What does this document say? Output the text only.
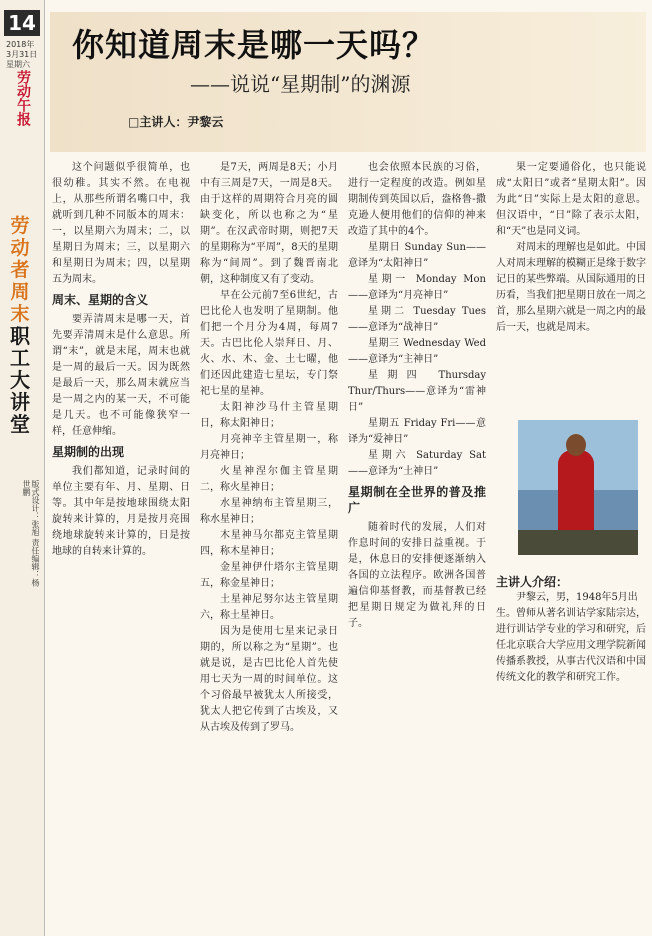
14
2018年
3月31日
星期六
劳动午报
劳
动
者
周
末
职
工
大
讲
堂
版式设计：张旭 责任编辑：杨世鹏
你知道周末是哪一天吗？
——说说“星期制”的渊源
□主讲人：尹黎云

这个问题似乎很简单，也很幼稚。其实不然。在电视上，从那些所谓名嘴口中，我就听到几种不同版本的周末：一，以星期六为周末；二，以星期日为周末；三，以星期六和星期日为周末；四，以星期五为周末。

周末、星期的含义

要弄清周末是哪一天，首先要弄清周末是什么意思。所谓“末”，就是末尾，周末也就是一周的最后一天。因为既然是最后一天，那么周末就应当是一周之内的某一天，不可能是几天。也不可能像狭窄一样，任意伸缩。

星期制的出现

我们都知道，记录时间的单位主要有年、月、星期、日等。其中年是按地球围绕太阳旋转来计算的，月是按月亮围绕地球旋转来计算的，日是按地球的自转来计算的。

是7天，两周是8天；小月中有三周是7天，一周是8天。由于这样的周期符合月亮的圆缺变化，所以也称之为“星期”。在汉武帝时期，则把7天的星期称为“平周”，8天的星期称为“间周”。到了魏晋南北朝，这种制度又有了变动。

早在公元前7至6世纪，古巴比伦人也发明了星期制。他们把一个月分为4周，每周7天。古巴比伦人崇拜日、月、火、水、木、金、土七曜，他们还因此建造七星坛，专门祭祀七星的星神。

太阳神沙马什主管星期日，称太阳神日；

月亮神辛主管星期一，称月亮神日；

火星神涅尔伽主管星期二，称火星神日；

水星神纳布主管星期三，称水星神日；

木星神马尔都克主管星期四，称木星神日；

金星神伊什塔尔主管星期五，称金星神日；

土星神尼努尔达主管星期六，称土星神日。

因为是使用七星来记录日期的，所以称之为“星期”。也就是说，是古巴比伦人首先使用七天为一周的时间单位。这个习俗最早被犹太人所接受，犹太人把它传到了古埃及，又从古埃及传到了罗马。

也会依照本民族的习俗，进行一定程度的改造。例如星期制传到英国以后，盎格鲁-撒克逊人便用他们的信仰的神来改造了其中的4个。

星期日 Sunday Sun——意译为“太阳神日”

星期一 Monday Mon——意译为“月亮神日”

星期二 Tuesday Tues——意译为“战神日”

星期三 Wednesday Wed——意译为“主神日”

星期四 Thursday Thur/Thurs——意译为“雷神日”

星期五 Friday Fri——意译为“爱神日”

星期六 Saturday Sat——意译为“土神日”

星期制在全世界的普及推广

随着时代的发展，人们对作息时间的安排日益重视。于是，休息日的安排便逐渐纳入各国的立法程序。欧洲各国普遍信仰基督教，而基督教已经把星期日规定为做礼拜的日子。

果一定要通俗化，也只能说成“太阳日”或者“星期太阳”。因为此“日”实际上是太阳的意思。但汉语中，“日”除了表示太阳，和“天”也是同义词。

对周末的理解也是如此。中国人对周末理解的模糊正是缘于数字记日的某些弊端。从国际通用的日历看，当我们把星期日放在一周之首，那么星期六就是一周之内的最后一天，也就是周末。

主讲人介绍：
尹黎云，男，1948年5月出生。曾师从著名训诂学家陆宗达，进行训诂学专业的学习和研究，后任北京联合大学应用文理学院新闻传播系教授，从事古代汉语和中国传统文化的教学和研究工作。
